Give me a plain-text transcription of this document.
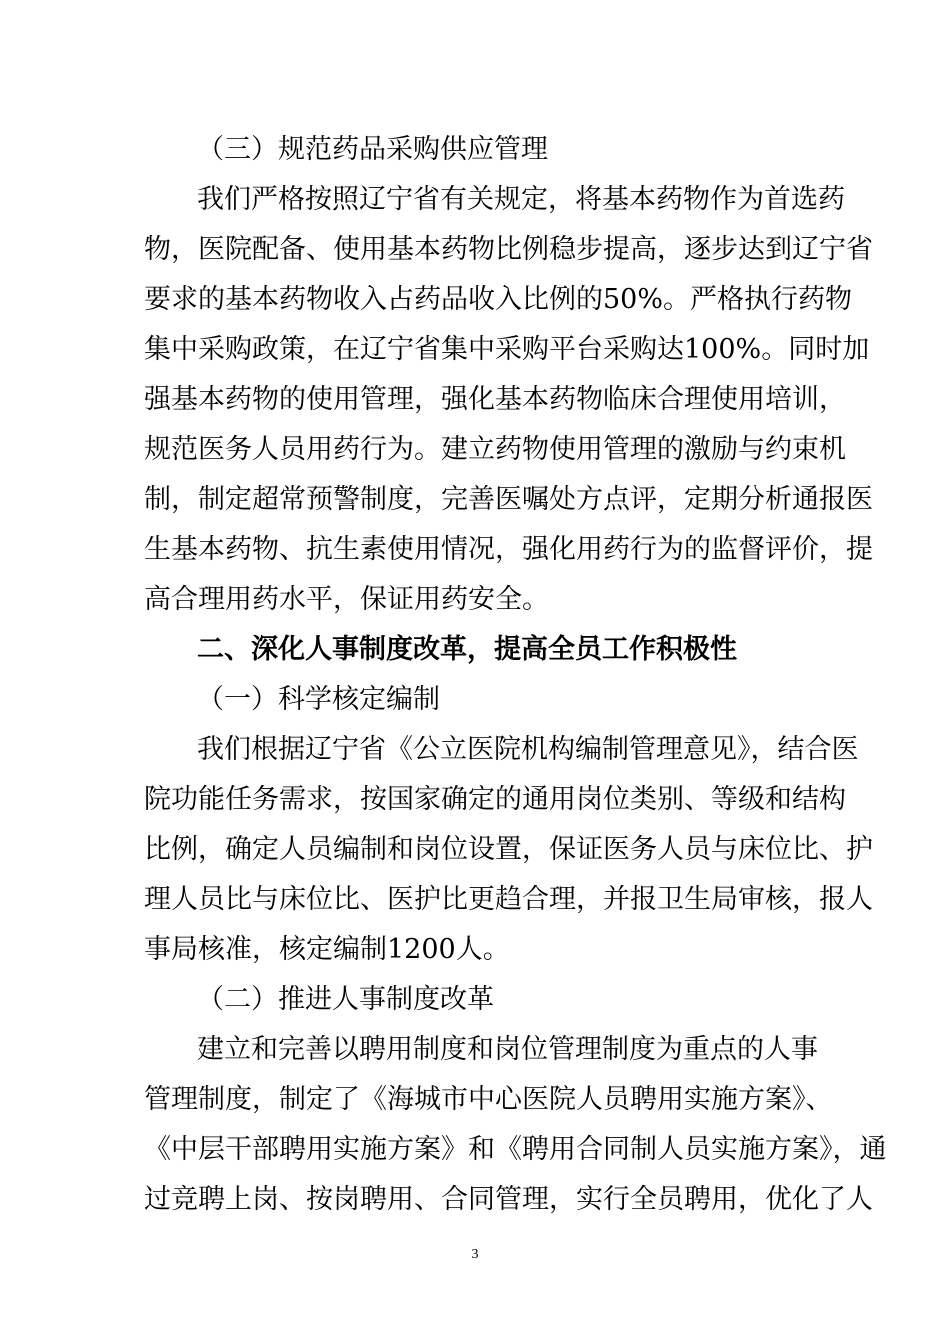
（三）规范药品采购供应管理
我们严格按照辽宁省有关规定，将基本药物作为首选药
物，医院配备、使用基本药物比例稳步提高，逐步达到辽宁省
要求的基本药物收入占药品收入比例的50%。严格执行药物
集中采购政策，在辽宁省集中采购平台采购达100%。同时加
强基本药物的使用管理，强化基本药物临床合理使用培训，
规范医务人员用药行为。建立药物使用管理的激励与约束机
制，制定超常预警制度，完善医嘱处方点评，定期分析通报医
生基本药物、抗生素使用情况，强化用药行为的监督评价，提
高合理用药水平，保证用药安全。
二、深化人事制度改革，提高全员工作积极性
（一）科学核定编制
我们根据辽宁省《公立医院机构编制管理意见》，结合医
院功能任务需求，按国家确定的通用岗位类别、等级和结构
比例，确定人员编制和岗位设置，保证医务人员与床位比、护
理人员比与床位比、医护比更趋合理，并报卫生局审核，报人
事局核准，核定编制1200人。
（二）推进人事制度改革
建立和完善以聘用制度和岗位管理制度为重点的人事
管理制度，制定了《海城市中心医院人员聘用实施方案》、
《中层干部聘用实施方案》和《聘用合同制人员实施方案》，通
过竞聘上岗、按岗聘用、合同管理，实行全员聘用，优化了人
3
